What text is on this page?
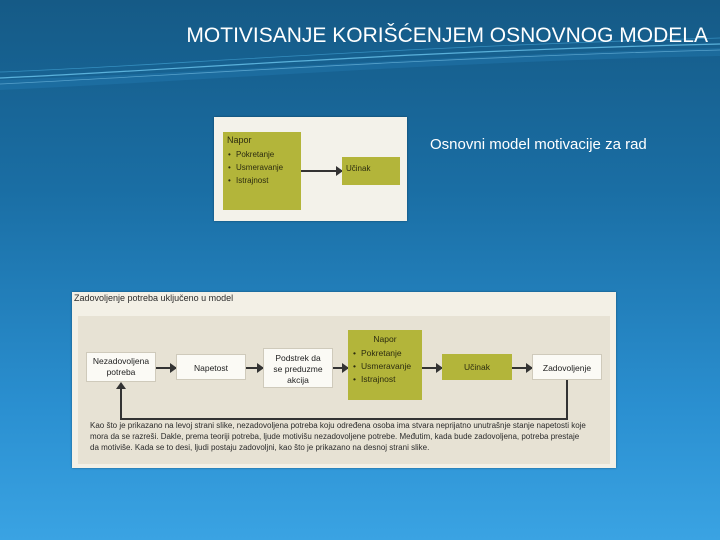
MOTIVISANJE KORIŠĆENJEM OSNOVNOG MODELA
Osnovni model motivacije za rad
Napor
• Pokretanje
• Usmeravanje
• Istrajnost
Učinak
Zadovoljenje potreba uključeno u model
Nezadovoljena potreba	Napetost
Podstrek da se preduzme akcija
Napor
• Pokretanje
• Usmeravanje
• Istrajnost
Učinak	Zadovoljenje
Kao što je prikazano na levoj strani slike, nezadovoljena potreba koju određena osoba ima stvara neprijatno unutrašnje stanje napetosti koje mora da se razreši. Dakle, prema teoriji potreba, ljude motivišu nezadovoljene potrebe. Međutim, kada bude zadovoljena, potreba prestaje da motiviše. Kada se to desi, ljudi postaju zadovoljni, kao što je prikazano na desnoj strani slike.
